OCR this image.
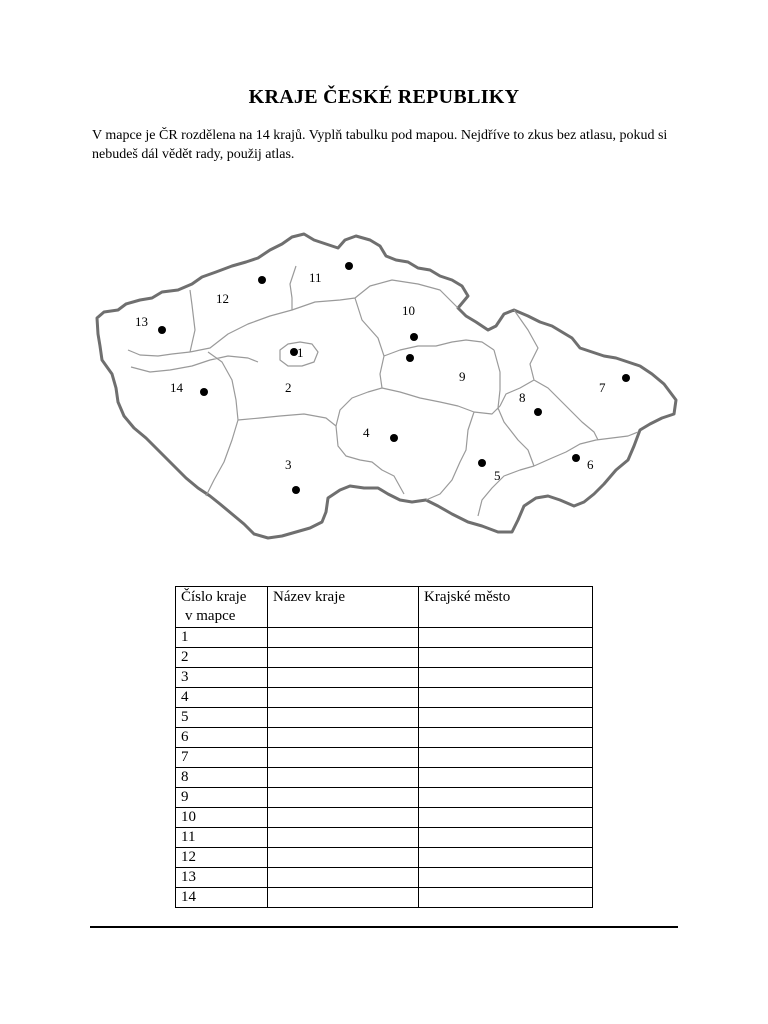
KRAJE ČESKÉ REPUBLIKY
V mapce je ČR rozdělena na 14 krajů. Vyplň tabulku pod mapou. Nejdříve to zkus bez atlasu, pokud si nebudeš dál vědět rady, použij atlas.
1
2
3
4
5
6
7
8
9
10
11
12
13
14
Číslo kraje
v mapce	Název kraje	Krajské město
1		
2		
3		
4		
5		
6		
7		
8		
9		
10		
11		
12		
13		
14		
